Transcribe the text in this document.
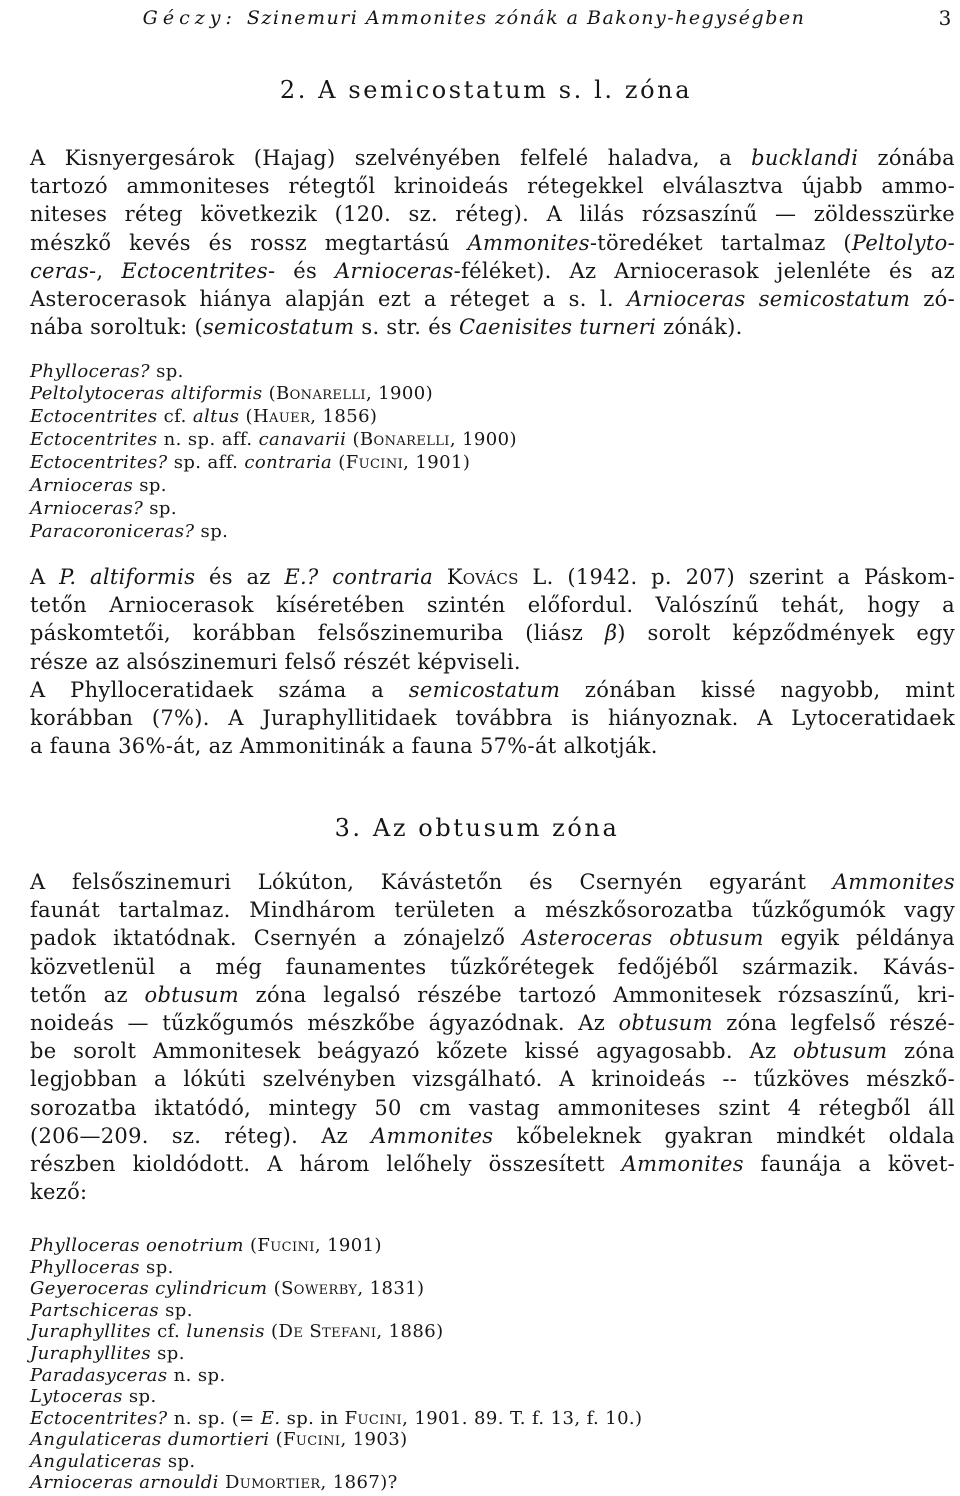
Géczy: Szinemuri Ammonites zónák a Bakony-hegységben	3
2. A semicostatum s. l. zóna
A Kisnyergesárok (Hajag) szelvényében felfelé haladva, a bucklandi zónába
tartozó ammoniteses rétegtől krinoideás rétegekkel elválasztva újabb ammo-
niteses réteg következik (120. sz. réteg). A lilás rózsaszínű — zöldesszürke
mészkő kevés és rossz megtartású Ammonites-töredéket tartalmaz (Peltolyto-
ceras-, Ectocentrites- és Arnioceras-féléket). Az Arniocerasok jelenléte és az
Asterocerasok hiánya alapján ezt a réteget a s. l. Arnioceras semicostatum zó-
nába soroltuk: (semicostatum s. str. és Caenisites turneri zónák).
Phylloceras? sp.
Peltolytoceras altiformis (Bonarelli, 1900)
Ectocentrites cf. altus (Hauer, 1856)
Ectocentrites n. sp. aff. canavarii (Bonarelli, 1900)
Ectocentrites? sp. aff. contraria (Fucini, 1901)
Arnioceras sp.
Arnioceras? sp.
Paracoroniceras? sp.
A P. altiformis és az E.? contraria Kovács L. (1942. p. 207) szerint a Páskom-
tetőn Arniocerasok kíséretében szintén előfordul. Valószínű tehát, hogy a
páskomtetői, korábban felsőszinemuriba (liász β) sorolt képződmények egy
része az alsószinemuri felső részét képviseli.
A Phylloceratidaek száma a semicostatum zónában kissé nagyobb, mint
korábban (7%). A Juraphyllitidaek továbbra is hiányoznak. A Lytoceratidaek
a fauna 36%-át, az Ammonitinák a fauna 57%-át alkotják.
3. Az obtusum zóna
A felsőszinemuri Lókúton, Kávástetőn és Csernyén egyaránt Ammonites
faunát tartalmaz. Mindhárom területen a mészkősorozatba tűzkőgumók vagy
padok iktatódnak. Csernyén a zónajelző Asteroceras obtusum egyik példánya
közvetlenül a még faunamentes tűzkőrétegek fedőjéből származik. Kávás-
tetőn az obtusum zóna legalsó részébe tartozó Ammonitesek rózsaszínű, kri-
noideás — tűzkőgumós mészkőbe ágyazódnak. Az obtusum zóna legfelső részé-
be sorolt Ammonitesek beágyazó kőzete kissé agyagosabb. Az obtusum zóna
legjobban a lókúti szelvényben vizsgálható. A krinoideás -- tűzköves mészkő-
sorozatba iktatódó, mintegy 50 cm vastag ammoniteses szint 4 rétegből áll
(206—209. sz. réteg). Az Ammonites kőbeleknek gyakran mindkét oldala
részben kioldódott. A három lelőhely összesített Ammonites faunája a követ-
kező:
Phylloceras oenotrium (Fucini, 1901)
Phylloceras sp.
Geyeroceras cylindricum (Sowerby, 1831)
Partschiceras sp.
Juraphyllites cf. lunensis (De Stefani, 1886)
Juraphyllites sp.
Paradasyceras n. sp.
Lytoceras sp.
Ectocentrites? n. sp. (= E. sp. in Fucini, 1901. 89. T. f. 13, f. 10.)
Angulaticeras dumortieri (Fucini, 1903)
Angulaticeras sp.
Arnioceras arnouldi Dumortier, 1867)?
